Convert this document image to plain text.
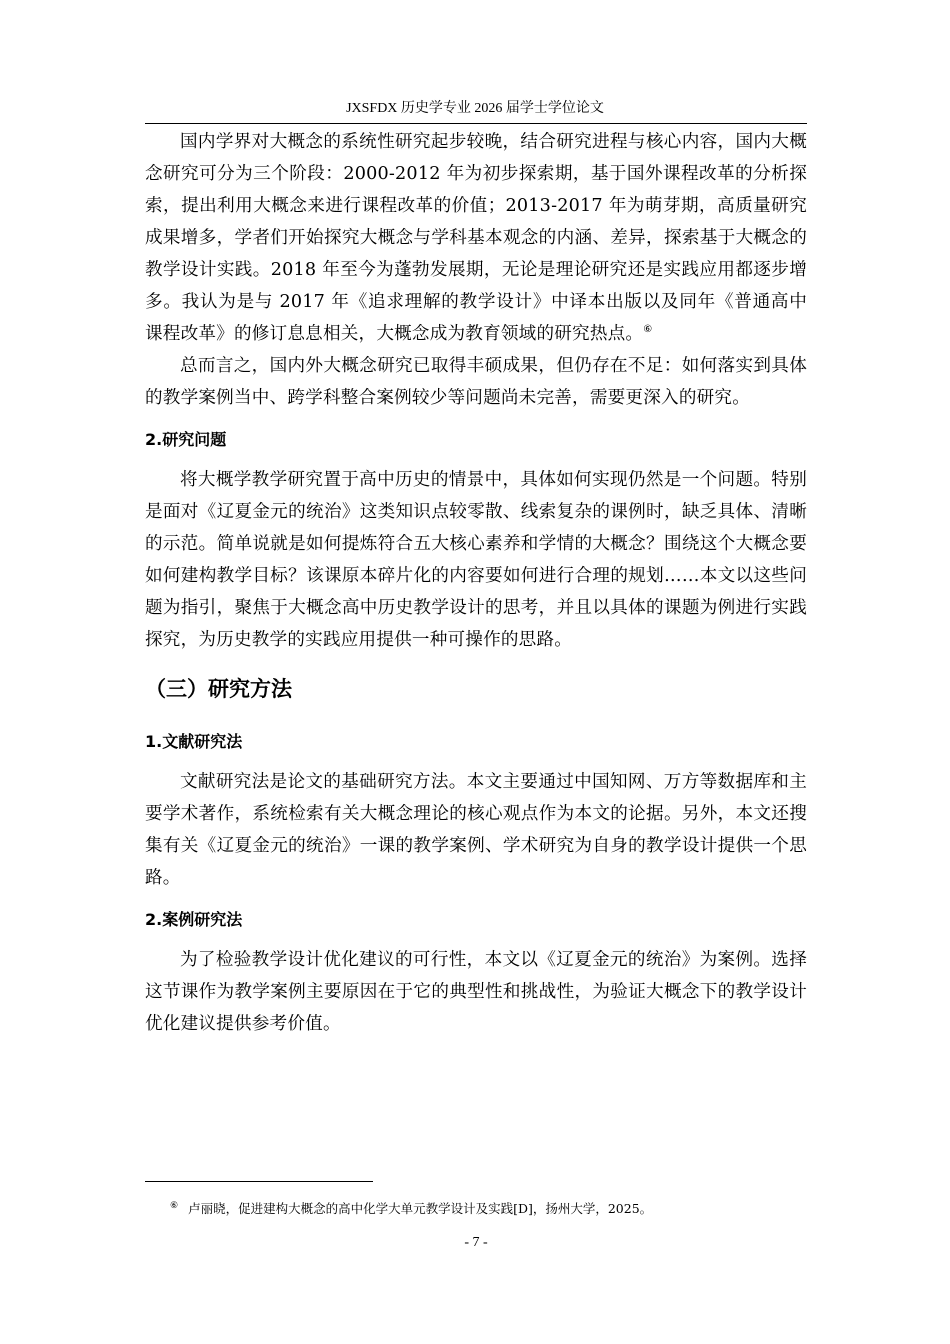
JXSFDX 历史学专业 2026 届学士学位论文

国内学界对大概念的系统性研究起步较晚，结合研究进程与核心内容，国内大概念研究可分为三个阶段：2000-2012 年为初步探索期，基于国外课程改革的分析探索，提出利用大概念来进行课程改革的价值；2013-2017 年为萌芽期，高质量研究成果增多，学者们开始探究大概念与学科基本观念的内涵、差异，探索基于大概念的教学设计实践。2018 年至今为蓬勃发展期，无论是理论研究还是实践应用都逐步增多。我认为是与 2017 年《追求理解的教学设计》中译本出版以及同年《普通高中课程改革》的修订息息相关，大概念成为教育领域的研究热点。⑥

总而言之，国内外大概念研究已取得丰硕成果，但仍存在不足：如何落实到具体的教学案例当中、跨学科整合案例较少等问题尚未完善，需要更深入的研究。

2.研究问题

将大概学教学研究置于高中历史的情景中，具体如何实现仍然是一个问题。特别是面对《辽夏金元的统治》这类知识点较零散、线索复杂的课例时，缺乏具体、清晰的示范。简单说就是如何提炼符合五大核心素养和学情的大概念？围绕这个大概念要如何建构教学目标？该课原本碎片化的内容要如何进行合理的规划……本文以这些问题为指引，聚焦于大概念高中历史教学设计的思考，并且以具体的课题为例进行实践探究，为历史教学的实践应用提供一种可操作的思路。

（三）研究方法
1.文献研究法

文献研究法是论文的基础研究方法。本文主要通过中国知网、万方等数据库和主要学术著作，系统检索有关大概念理论的核心观点作为本文的论据。另外，本文还搜集有关《辽夏金元的统治》一课的教学案例、学术研究为自身的教学设计提供一个思路。

2.案例研究法

为了检验教学设计优化建议的可行性，本文以《辽夏金元的统治》为案例。选择这节课作为教学案例主要原因在于它的典型性和挑战性，为验证大概念下的教学设计优化建议提供参考价值。

⑥ 卢丽晓，促进建构大概念的高中化学大单元教学设计及实践[D]，扬州大学，2025。
- 7 -
